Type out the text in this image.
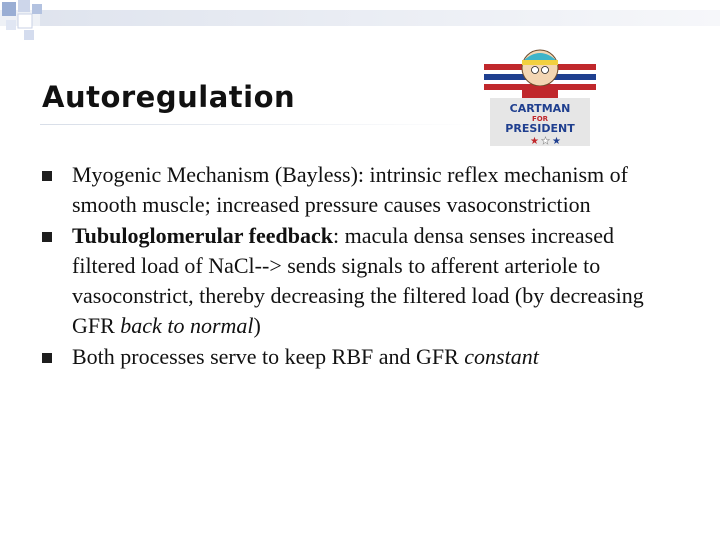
Autoregulation	CARTMAN
FOR
PRESIDENT
★ ★ ★
Myogenic Mechanism (Bayless): intrinsic reflex mechanism of smooth muscle; increased pressure causes vasoconstriction
Tubuloglomerular feedback: macula densa senses increased filtered load of NaCl--> sends signals to afferent arteriole to vasoconstrict, thereby decreasing the filtered load (by decreasing GFR back to normal)
Both processes serve to keep RBF and GFR constant
